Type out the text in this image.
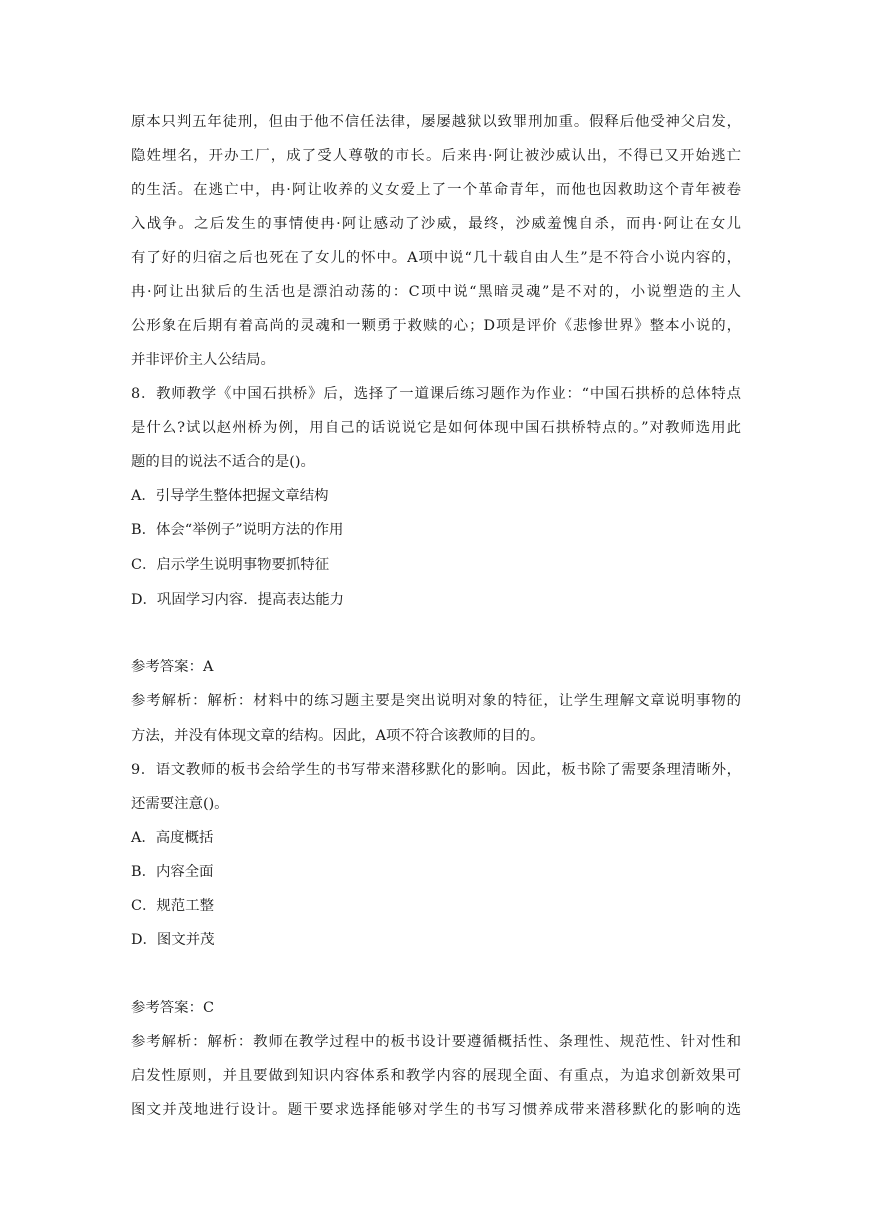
原本只判五年徒刑，但由于他不信任法律，屡屡越狱以致罪刑加重。假释后他受神父启发，
隐姓埋名，开办工厂，成了受人尊敬的市长。后来冉·阿让被沙威认出，不得已又开始逃亡
的生活。在逃亡中，冉·阿让收养的义女爱上了一个革命青年，而他也因救助这个青年被卷
入战争。之后发生的事情使冉·阿让感动了沙威，最终，沙威羞愧自杀，而冉·阿让在女儿
有了好的归宿之后也死在了女儿的怀中。A项中说“几十载自由人生”是不符合小说内容的，
冉·阿让出狱后的生活也是漂泊动荡的：C项中说“黑暗灵魂”是不对的，小说塑造的主人
公形象在后期有着高尚的灵魂和一颗勇于救赎的心；D项是评价《悲惨世界》整本小说的，
并非评价主人公结局。
8．教师教学《中国石拱桥》后，选择了一道课后练习题作为作业：“中国石拱桥的总体特点
是什么?试以赵州桥为例，用自己的话说说它是如何体现中国石拱桥特点的。”对教师选用此
题的目的说法不适合的是()。
A．引导学生整体把握文章结构
B．体会“举例子”说明方法的作用
C．启示学生说明事物要抓特征
D．巩固学习内容．提高表达能力
参考答案：A
参考解析：解析：材料中的练习题主要是突出说明对象的特征，让学生理解文章说明事物的
方法，并没有体现文章的结构。因此，A项不符合该教师的目的。
9．语文教师的板书会给学生的书写带来潜移默化的影响。因此，板书除了需要条理清晰外，
还需要注意()。
A．高度概括
B．内容全面
C．规范工整
D．图文并茂
参考答案：C
参考解析：解析：教师在教学过程中的板书设计要遵循概括性、条理性、规范性、针对性和
启发性原则，并且要做到知识内容体系和教学内容的展现全面、有重点，为追求创新效果可
图文并茂地进行设计。题干要求选择能够对学生的书写习惯养成带来潜移默化的影响的选
